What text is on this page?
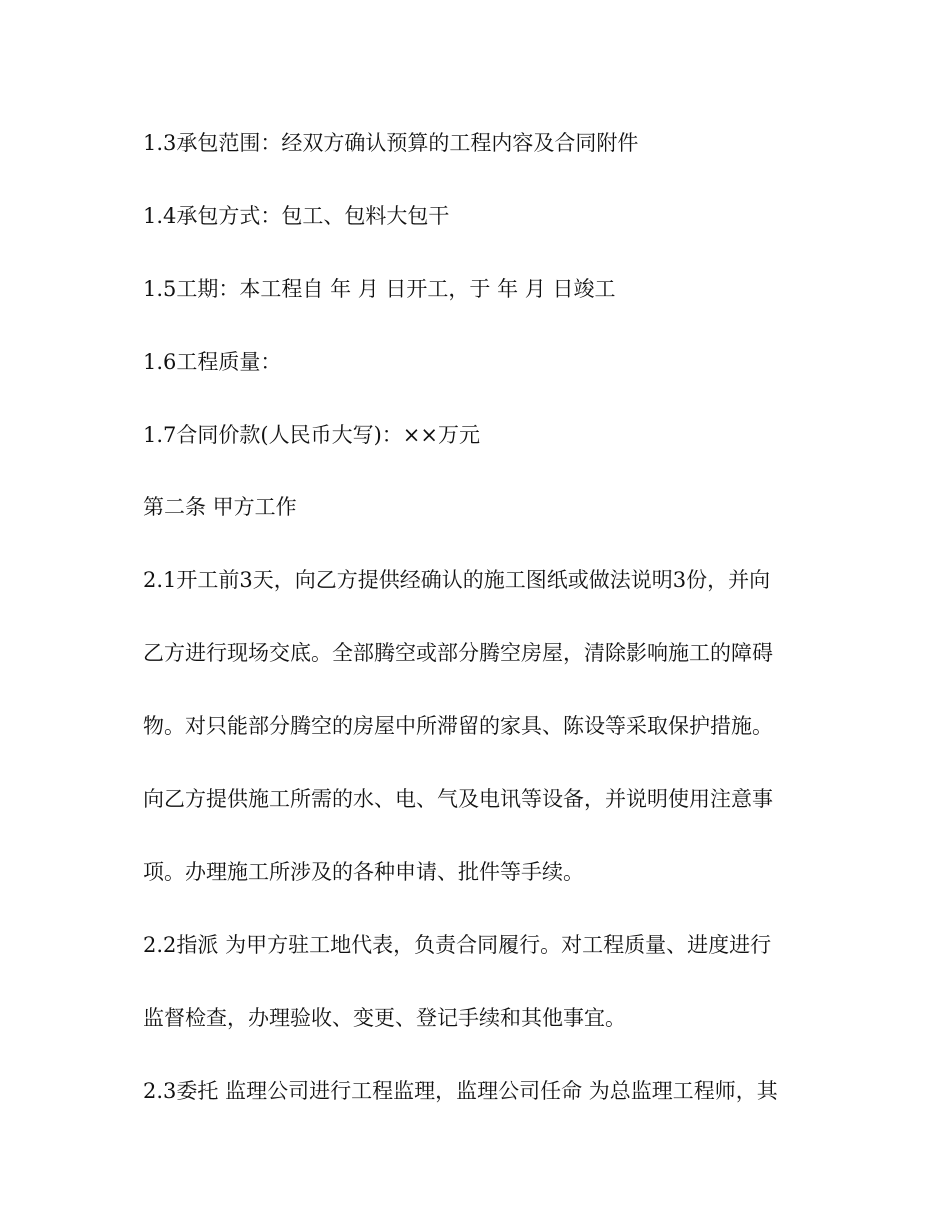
1.3承包范围：经双方确认预算的工程内容及合同附件
1.4承包方式：包工、包料大包干
1.5工期：本工程自 年 月 日开工，于 年 月 日竣工
1.6工程质量：
1.7合同价款(人民币大写)：××万元
第二条 甲方工作
2.1开工前3天，向乙方提供经确认的施工图纸或做法说明3份，并向
乙方进行现场交底。全部腾空或部分腾空房屋，清除影响施工的障碍
物。对只能部分腾空的房屋中所滞留的家具、陈设等采取保护措施。
向乙方提供施工所需的水、电、气及电讯等设备，并说明使用注意事
项。办理施工所涉及的各种申请、批件等手续。
2.2指派 为甲方驻工地代表，负责合同履行。对工程质量、进度进行
监督检查，办理验收、变更、登记手续和其他事宜。
2.3委托 监理公司进行工程监理，监理公司任命 为总监理工程师，其
